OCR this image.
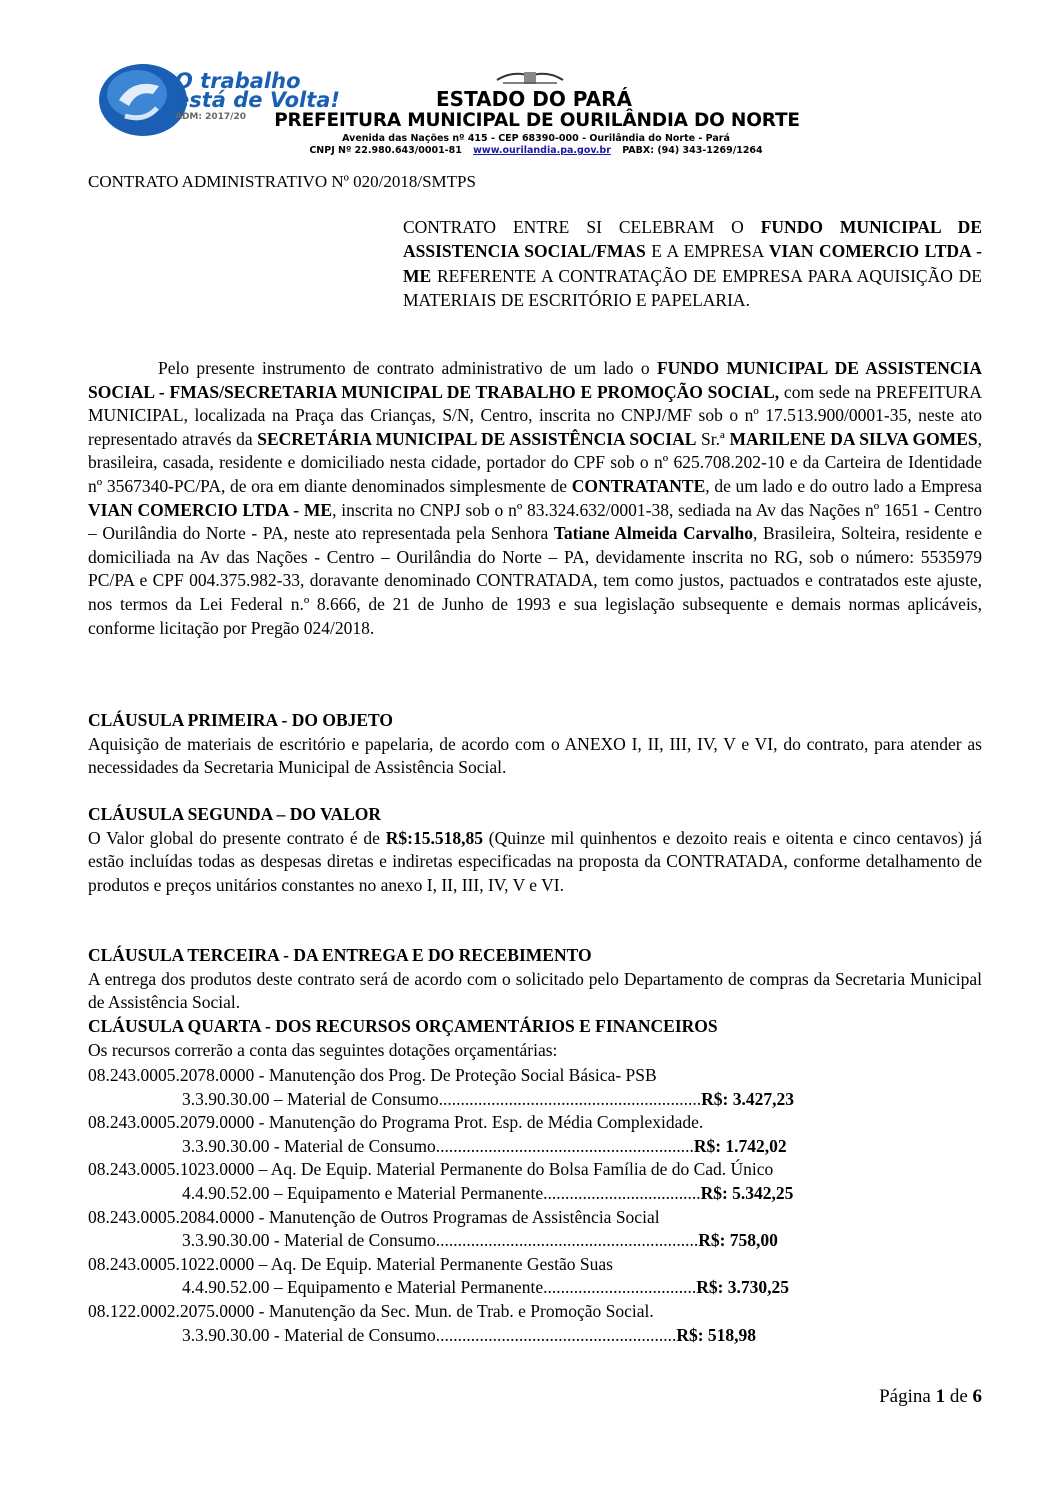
O trabalho
está de Volta!
ADM: 2017/20
ESTADO DO PARÁ
PREFEITURA MUNICIPAL DE OURILÂNDIA DO NORTE
Avenida das Nações nº 415 - CEP 68390-000 - Ourilândia do Norte - Pará
CNPJ Nº 22.980.643/0001-81 www.ourilandia.pa.gov.br PABX: (94) 343-1269/1264
CONTRATO ADMINISTRATIVO Nº 020/2018/SMTPS
CONTRATO ENTRE SI CELEBRAM O FUNDO MUNICIPAL DE ASSISTENCIA SOCIAL/FMAS E A EMPRESA VIAN COMERCIO LTDA - ME REFERENTE A CONTRATAÇÃO DE EMPRESA PARA AQUISIÇÃO DE MATERIAIS DE ESCRITÓRIO E PAPELARIA.
Pelo presente instrumento de contrato administrativo de um lado o FUNDO MUNICIPAL DE ASSISTENCIA SOCIAL - FMAS/SECRETARIA MUNICIPAL DE TRABALHO E PROMOÇÃO SOCIAL, com sede na PREFEITURA MUNICIPAL, localizada na Praça das Crianças, S/N, Centro, inscrita no CNPJ/MF sob o nº 17.513.900/0001-35, neste ato representado através da SECRETÁRIA MUNICIPAL DE ASSISTÊNCIA SOCIAL Sr.ª MARILENE DA SILVA GOMES, brasileira, casada, residente e domiciliado nesta cidade, portador do CPF sob o nº 625.708.202-10 e da Carteira de Identidade nº 3567340-PC/PA, de ora em diante denominados simplesmente de CONTRATANTE, de um lado e do outro lado a Empresa VIAN COMERCIO LTDA - ME, inscrita no CNPJ sob o nº 83.324.632/0001-38, sediada na Av das Nações nº 1651 - Centro – Ourilândia do Norte - PA, neste ato representada pela Senhora Tatiane Almeida Carvalho, Brasileira, Solteira, residente e domiciliada na Av das Nações - Centro – Ourilândia do Norte – PA, devidamente inscrita no RG, sob o número: 5535979 PC/PA e CPF 004.375.982-33, doravante denominado CONTRATADA, tem como justos, pactuados e contratados este ajuste, nos termos da Lei Federal n.º 8.666, de 21 de Junho de 1993 e sua legislação subsequente e demais normas aplicáveis, conforme licitação por Pregão 024/2018.

CLÁUSULA PRIMEIRA - DO OBJETO

Aquisição de materiais de escritório e papelaria, de acordo com o ANEXO I, II, III, IV, V e VI, do contrato, para atender as necessidades da Secretaria Municipal de Assistência Social.

CLÁUSULA SEGUNDA – DO VALOR

O Valor global do presente contrato é de R$:15.518,85 (Quinze mil quinhentos e dezoito reais e oitenta e cinco centavos) já estão incluídas todas as despesas diretas e indiretas especificadas na proposta da CONTRATADA, conforme detalhamento de produtos e preços unitários constantes no anexo I, II, III, IV, V e VI.

CLÁUSULA TERCEIRA - DA ENTREGA E DO RECEBIMENTO

A entrega dos produtos deste contrato será de acordo com o solicitado pelo Departamento de compras da Secretaria Municipal de Assistência Social.

CLÁUSULA QUARTA - DOS RECURSOS ORÇAMENTÁRIOS E FINANCEIROS

Os recursos correrão a conta das seguintes dotações orçamentárias:

08.243.0005.2078.0000 - Manutenção dos Prog. De Proteção Social Básica- PSB
3.3.90.30.00 – Material de Consumo............................................................ R$: 3.427,23
08.243.0005.2079.0000 - Manutenção do Programa Prot. Esp. de Média Complexidade.
3.3.90.30.00 - Material de Consumo........................................................... R$: 1.742,02
08.243.0005.1023.0000 – Aq. De Equip. Material Permanente do Bolsa Família de do Cad. Único
4.4.90.52.00 – Equipamento e Material Permanente.................................... R$: 5.342,25
08.243.0005.2084.0000 - Manutenção de Outros Programas de Assistência Social
3.3.90.30.00 - Material de Consumo............................................................ R$: 758,00
08.243.0005.1022.0000 – Aq. De Equip. Material Permanente Gestão Suas
4.4.90.52.00 – Equipamento e Material Permanente................................... R$: 3.730,25
08.122.0002.2075.0000 - Manutenção da Sec. Mun. de Trab. e Promoção Social.
3.3.90.30.00 - Material de Consumo....................................................... R$: 518,98
Página 1 de 6
